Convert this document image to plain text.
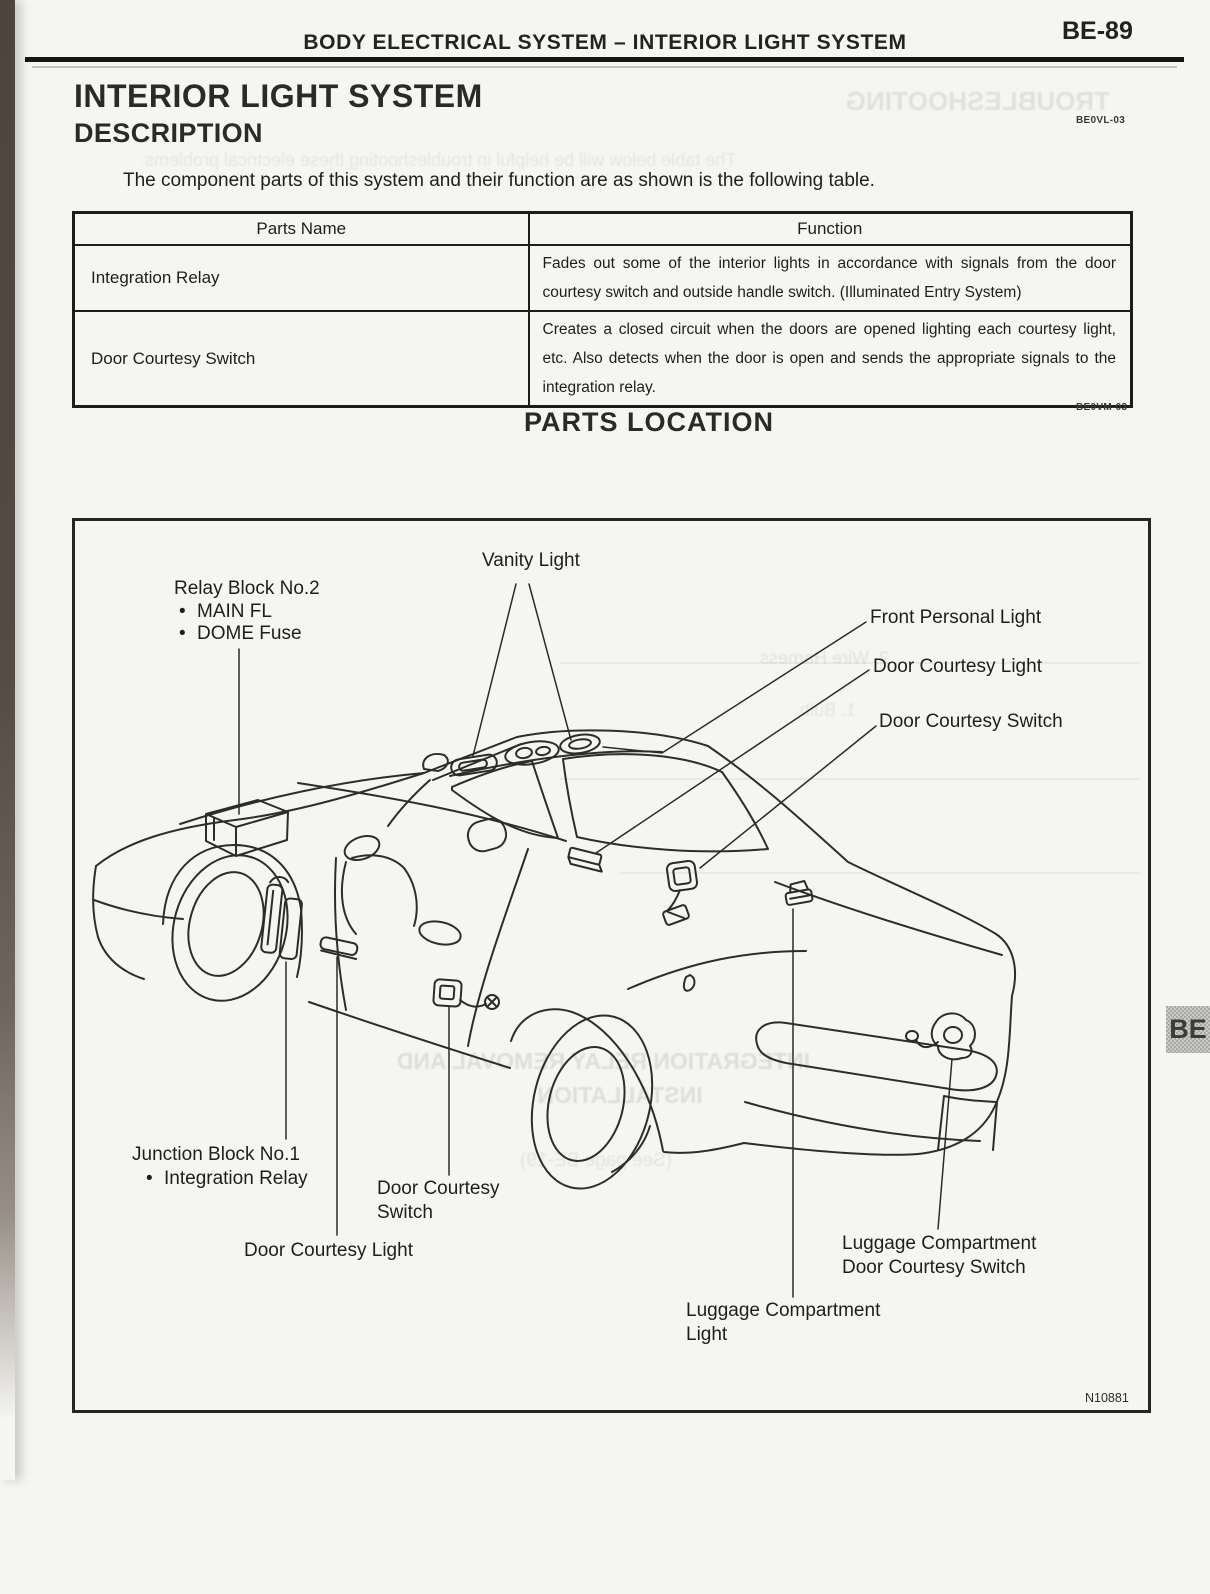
TROUBLESHOOTING
The table below will be helpful in troubleshooting these electrical problems.
2. Wire Harness
1. Bulb
INTEGRATION RELAY REMOVAL AND
INSTALLATION
(See page BE-19)
BODY ELECTRICAL SYSTEM – INTERIOR LIGHT SYSTEM	BE-89
INTERIOR LIGHT SYSTEM
DESCRIPTION	BE0VL-03

The component parts of this system and their function are as shown is the following table.

Parts Name	Function
Integration Relay	Fades out some of the interior lights in accordance with signals from the door courtesy switch and outside handle switch. (Illuminated Entry System)
Door Courtesy Switch	Creates a closed circuit when the doors are opened lighting each courtesy light, etc. Also detects when the door is open and sends the appropriate signals to the integration relay.
PARTS LOCATION	BE0VM-03
Relay Block No.2
• MAIN FL
• DOME Fuse
Vanity Light
Front Personal Light
Door Courtesy Light
Door Courtesy Switch
Junction Block No.1
• Integration Relay	Door Courtesy
Switch
Door Courtesy Light	Luggage Compartment
Door Courtesy Switch
Luggage Compartment
Light
N10881
BE
